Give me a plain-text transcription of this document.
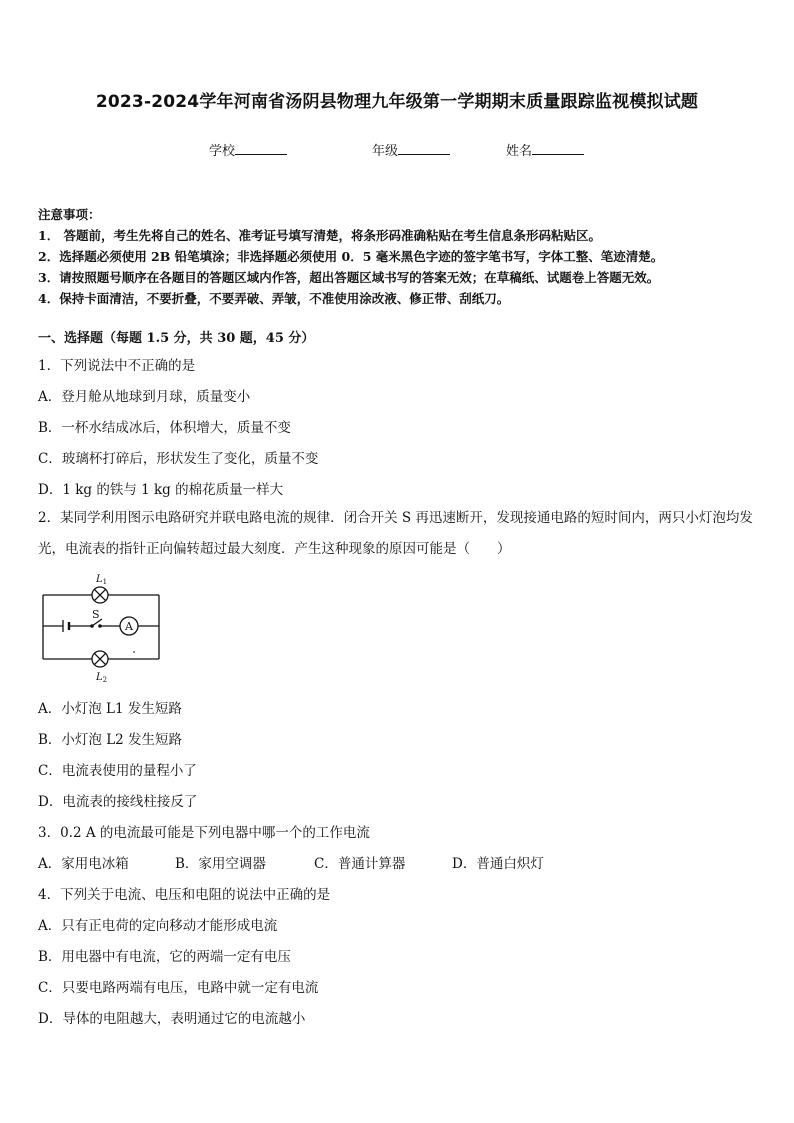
2023-2024学年河南省汤阴县物理九年级第一学期期末质量跟踪监视模拟试题
学校	年级	姓名
注意事项：
1． 答题前，考生先将自己的姓名、准考证号填写清楚，将条形码准确粘贴在考生信息条形码粘贴区。
2．选择题必须使用 2B 铅笔填涂；非选择题必须使用 0．5 毫米黑色字迹的签字笔书写，字体工整、笔迹清楚。
3．请按照题号顺序在各题目的答题区域内作答，超出答题区域书写的答案无效；在草稿纸、试题卷上答题无效。
4．保持卡面清洁，不要折叠，不要弄破、弄皱，不准使用涂改液、修正带、刮纸刀。
一、选择题（每题 1.5 分，共 30 题，45 分）
1．下列说法中不正确的是
A．登月舱从地球到月球，质量变小
B．一杯水结成冰后，体积增大，质量不变
C．玻璃杯打碎后，形状发生了变化，质量不变
D．1 kg 的铁与 1 kg 的棉花质量一样大
2．某同学利用图示电路研究并联电路电流的规律．闭合开关 S 再迅速断开，发现接通电路的短时间内，两只小灯泡均发光，电流表的指针正向偏转超过最大刻度．产生这种现象的原因可能是（　　）
S
A
$L_1$
$L_2$
A．小灯泡 L1 发生短路
B．小灯泡 L2 发生短路
C．电流表使用的量程小了
D．电流表的接线柱接反了
3．0.2 A 的电流最可能是下列电器中哪一个的工作电流
A．家用电冰箱	B．家用空调器	C．普通计算器	D．普通白炽灯
4．下列关于电流、电压和电阻的说法中正确的是
A．只有正电荷的定向移动才能形成电流
B．用电器中有电流，它的两端一定有电压
C．只要电路两端有电压，电路中就一定有电流
D．导体的电阻越大，表明通过它的电流越小
